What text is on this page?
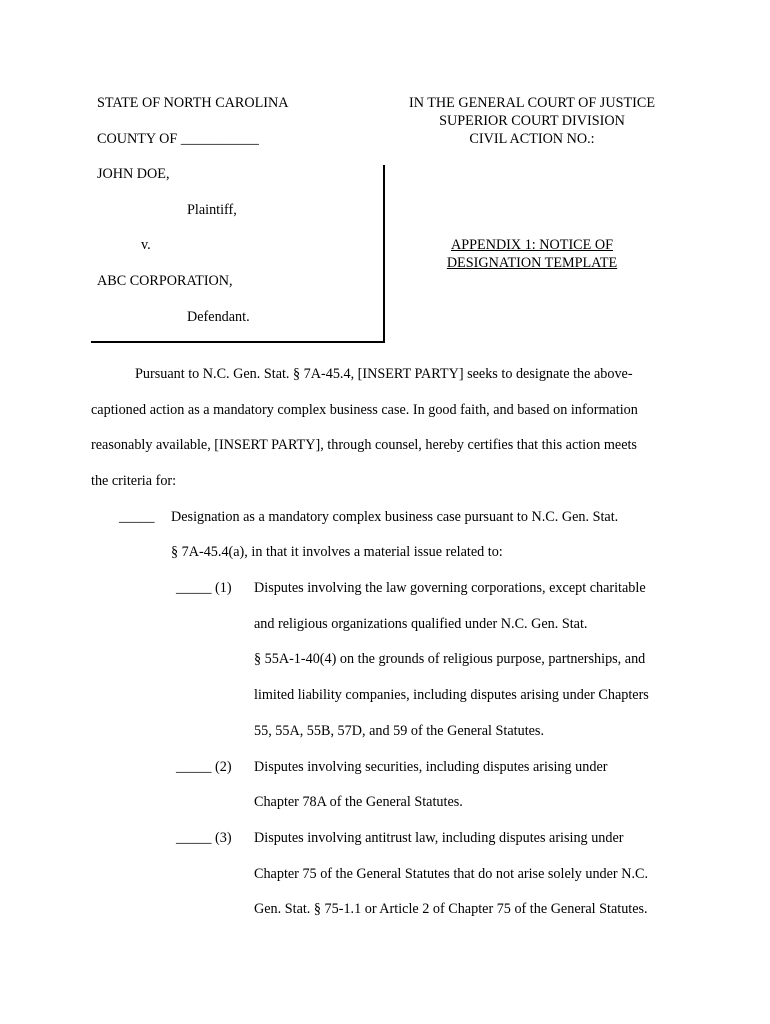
STATE OF NORTH CAROLINA
COUNTY OF ___________
JOHN DOE,
Plaintiff,
v.
ABC CORPORATION,
Defendant.
IN THE GENERAL COURT OF JUSTICE
SUPERIOR COURT DIVISION
CIVIL ACTION NO.:
APPENDIX 1: NOTICE OF
DESIGNATION TEMPLATE
Pursuant to N.C. Gen. Stat. § 7A-45.4, [INSERT PARTY] seeks to designate the above-
captioned action as a mandatory complex business case. In good faith, and based on information
reasonably available, [INSERT PARTY], through counsel, hereby certifies that this action meets
the criteria for:
_____ Designation as a mandatory complex business case pursuant to N.C. Gen. Stat.
§ 7A-45.4(a), in that it involves a material issue related to:
_____ (1) Disputes involving the law governing corporations, except charitable
and religious organizations qualified under N.C. Gen. Stat.
§ 55A-1-40(4) on the grounds of religious purpose, partnerships, and
limited liability companies, including disputes arising under Chapters
55, 55A, 55B, 57D, and 59 of the General Statutes.
_____ (2) Disputes involving securities, including disputes arising under
Chapter 78A of the General Statutes.
_____ (3) Disputes involving antitrust law, including disputes arising under
Chapter 75 of the General Statutes that do not arise solely under N.C.
Gen. Stat. § 75-1.1 or Article 2 of Chapter 75 of the General Statutes.
